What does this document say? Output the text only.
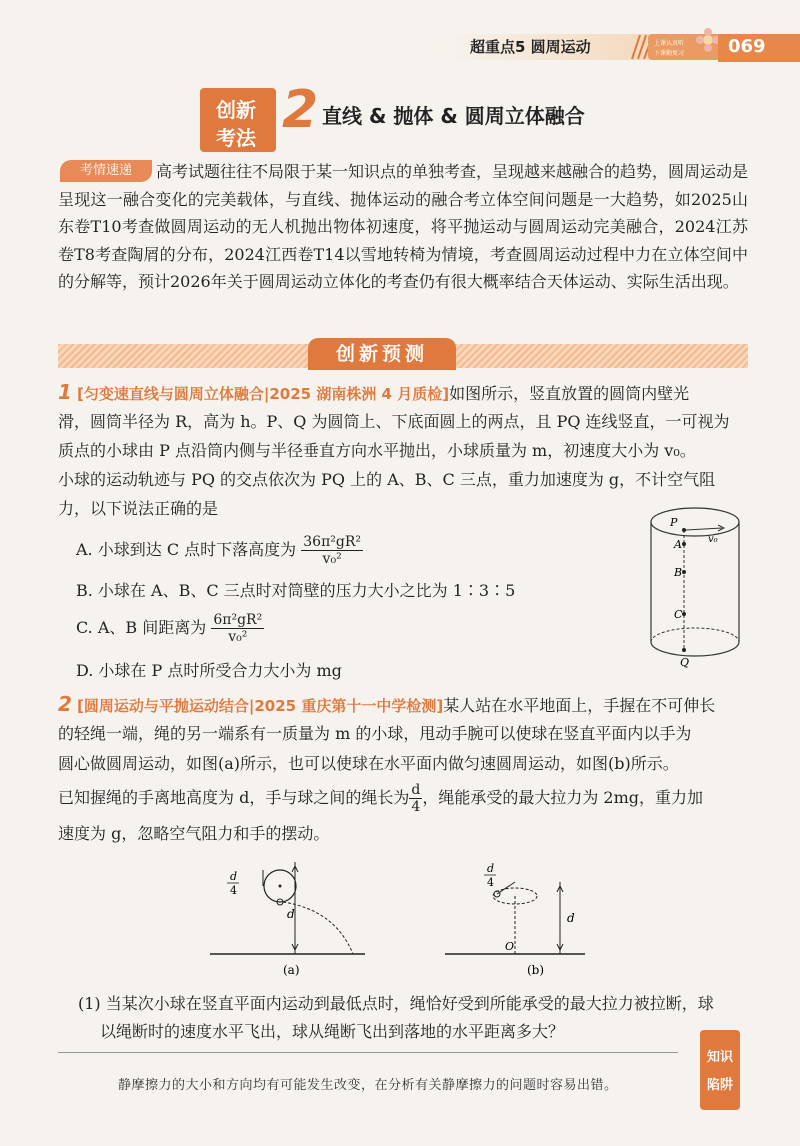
超重点5 圆周运动	上课认真听
下课勤复习 069
创新
考法 2 直线 & 抛体 & 圆周立体融合
考情速递	高考试题往往不局限于某一知识点的单独考查，呈现越来越融合的趋势，圆周运动是呈现这一融合变化的完美载体，与直线、抛体运动的融合考立体空间问题是一大趋势，如2025山东卷T10考查做圆周运动的无人机抛出物体初速度，将平抛运动与圆周运动完美融合，2024江苏卷T8考查陶屑的分布，2024江西卷T14以雪地转椅为情境，考查圆周运动过程中力在立体空间中的分解等，预计2026年关于圆周运动立体化的考查仍有很大概率结合天体运动、实际生活出现。
创新预测
1 [匀变速直线与圆周立体融合|2025 湖南株洲 4 月质检]如图所示，竖直放置的圆筒内壁光
滑，圆筒半径为 R，高为 h。P、Q 为圆筒上、下底面圆上的两点，且 PQ 连线竖直，一可视为
质点的小球由 P 点沿筒内侧与半径垂直方向水平抛出，小球质量为 m，初速度大小为 v₀。
小球的运动轨迹与 PQ 的交点依次为 PQ 上的 A、B、C 三点，重力加速度为 g，不计空气阻
力，以下说法正确的是
A. 小球到达 C 点时下落高度为 $\frac{\text{36π²gR²}}{\text{v₀²}}$
B. 小球在 A、B、C 三点时对筒壁的压力大小之比为 1∶3∶5
C. A、B 间距离为 $\frac{\text{6π²gR²}}{\text{v₀²}}$
D. 小球在 P 点时所受合力大小为 mg
P
A
B
C
Q
v₀
2 [圆周运动与平抛运动结合|2025 重庆第十一中学检测]某人站在水平地面上，手握在不可伸长
的轻绳一端，绳的另一端系有一质量为 m 的小球，甩动手腕可以使球在竖直平面内以手为
圆心做圆周运动，如图(a)所示，也可以使球在水平面内做匀速圆周运动，如图(b)所示。
已知握绳的手离地高度为 d，手与球之间的绳长为 $\frac{d}{4}$ ，绳能承受的最大拉力为 2mg，重力加
速度为 g，忽略空气阻力和手的摆动。
d
4
d
(a)
d
4
d
O
(b)
(1) 当某次小球在竖直平面内运动到最低点时，绳恰好受到所能承受的最大拉力被拉断，球
以绳断时的速度水平飞出，球从绳断飞出到落地的水平距离多大？
静摩擦力的大小和方向均有可能发生改变，在分析有关静摩擦力的问题时容易出错。
知识
陷阱
